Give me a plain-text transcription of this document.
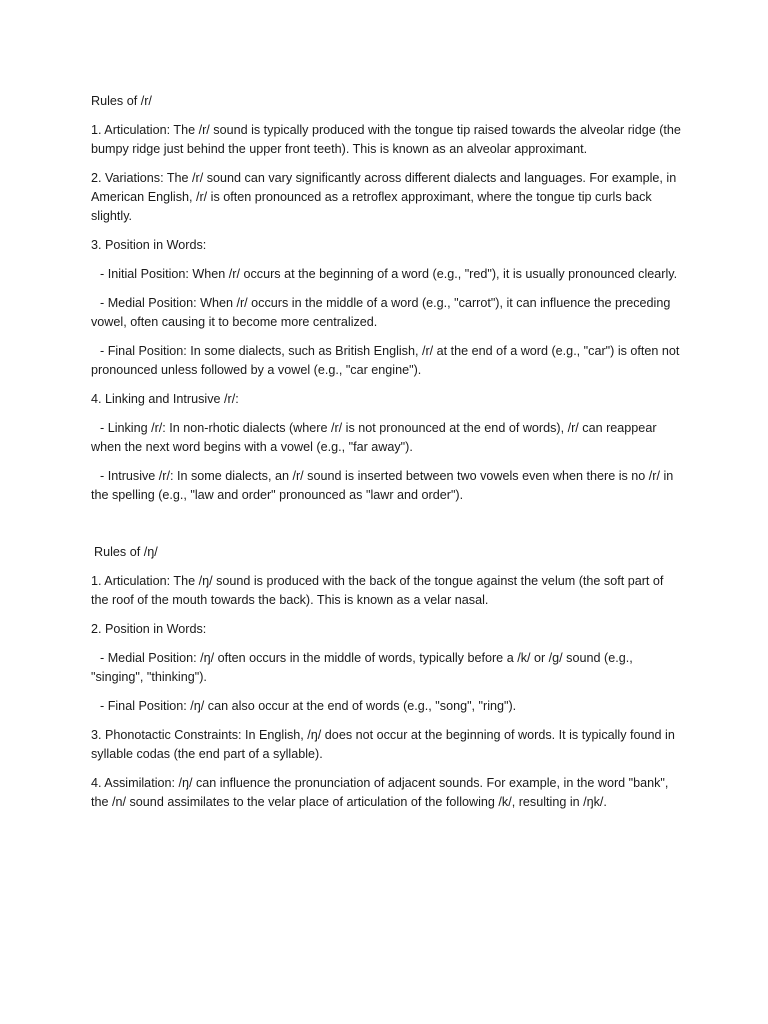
Rules of /r/

1. Articulation: The /r/ sound is typically produced with the tongue tip raised towards the alveolar ridge (the bumpy ridge just behind the upper front teeth). This is known as an alveolar approximant.

2. Variations: The /r/ sound can vary significantly across different dialects and languages. For example, in American English, /r/ is often pronounced as a retroflex approximant, where the tongue tip curls back slightly.

3. Position in Words:

- Initial Position: When /r/ occurs at the beginning of a word (e.g., "red"), it is usually pronounced clearly.

- Medial Position: When /r/ occurs in the middle of a word (e.g., "carrot"), it can influence the preceding vowel, often causing it to become more centralized.

- Final Position: In some dialects, such as British English, /r/ at the end of a word (e.g., "car") is often not pronounced unless followed by a vowel (e.g., "car engine").

4. Linking and Intrusive /r/:

- Linking /r/: In non-rhotic dialects (where /r/ is not pronounced at the end of words), /r/ can reappear when the next word begins with a vowel (e.g., "far away").

- Intrusive /r/: In some dialects, an /r/ sound is inserted between two vowels even when there is no /r/ in the spelling (e.g., "law and order" pronounced as "lawr and order").

Rules of /ŋ/

1. Articulation: The /ŋ/ sound is produced with the back of the tongue against the velum (the soft part of the roof of the mouth towards the back). This is known as a velar nasal.

2. Position in Words:

- Medial Position: /ŋ/ often occurs in the middle of words, typically before a /k/ or /g/ sound (e.g., "singing", "thinking").

- Final Position: /ŋ/ can also occur at the end of words (e.g., "song", "ring").

3. Phonotactic Constraints: In English, /ŋ/ does not occur at the beginning of words. It is typically found in syllable codas (the end part of a syllable).

4. Assimilation: /ŋ/ can influence the pronunciation of adjacent sounds. For example, in the word "bank", the /n/ sound assimilates to the velar place of articulation of the following /k/, resulting in /ŋk/.
